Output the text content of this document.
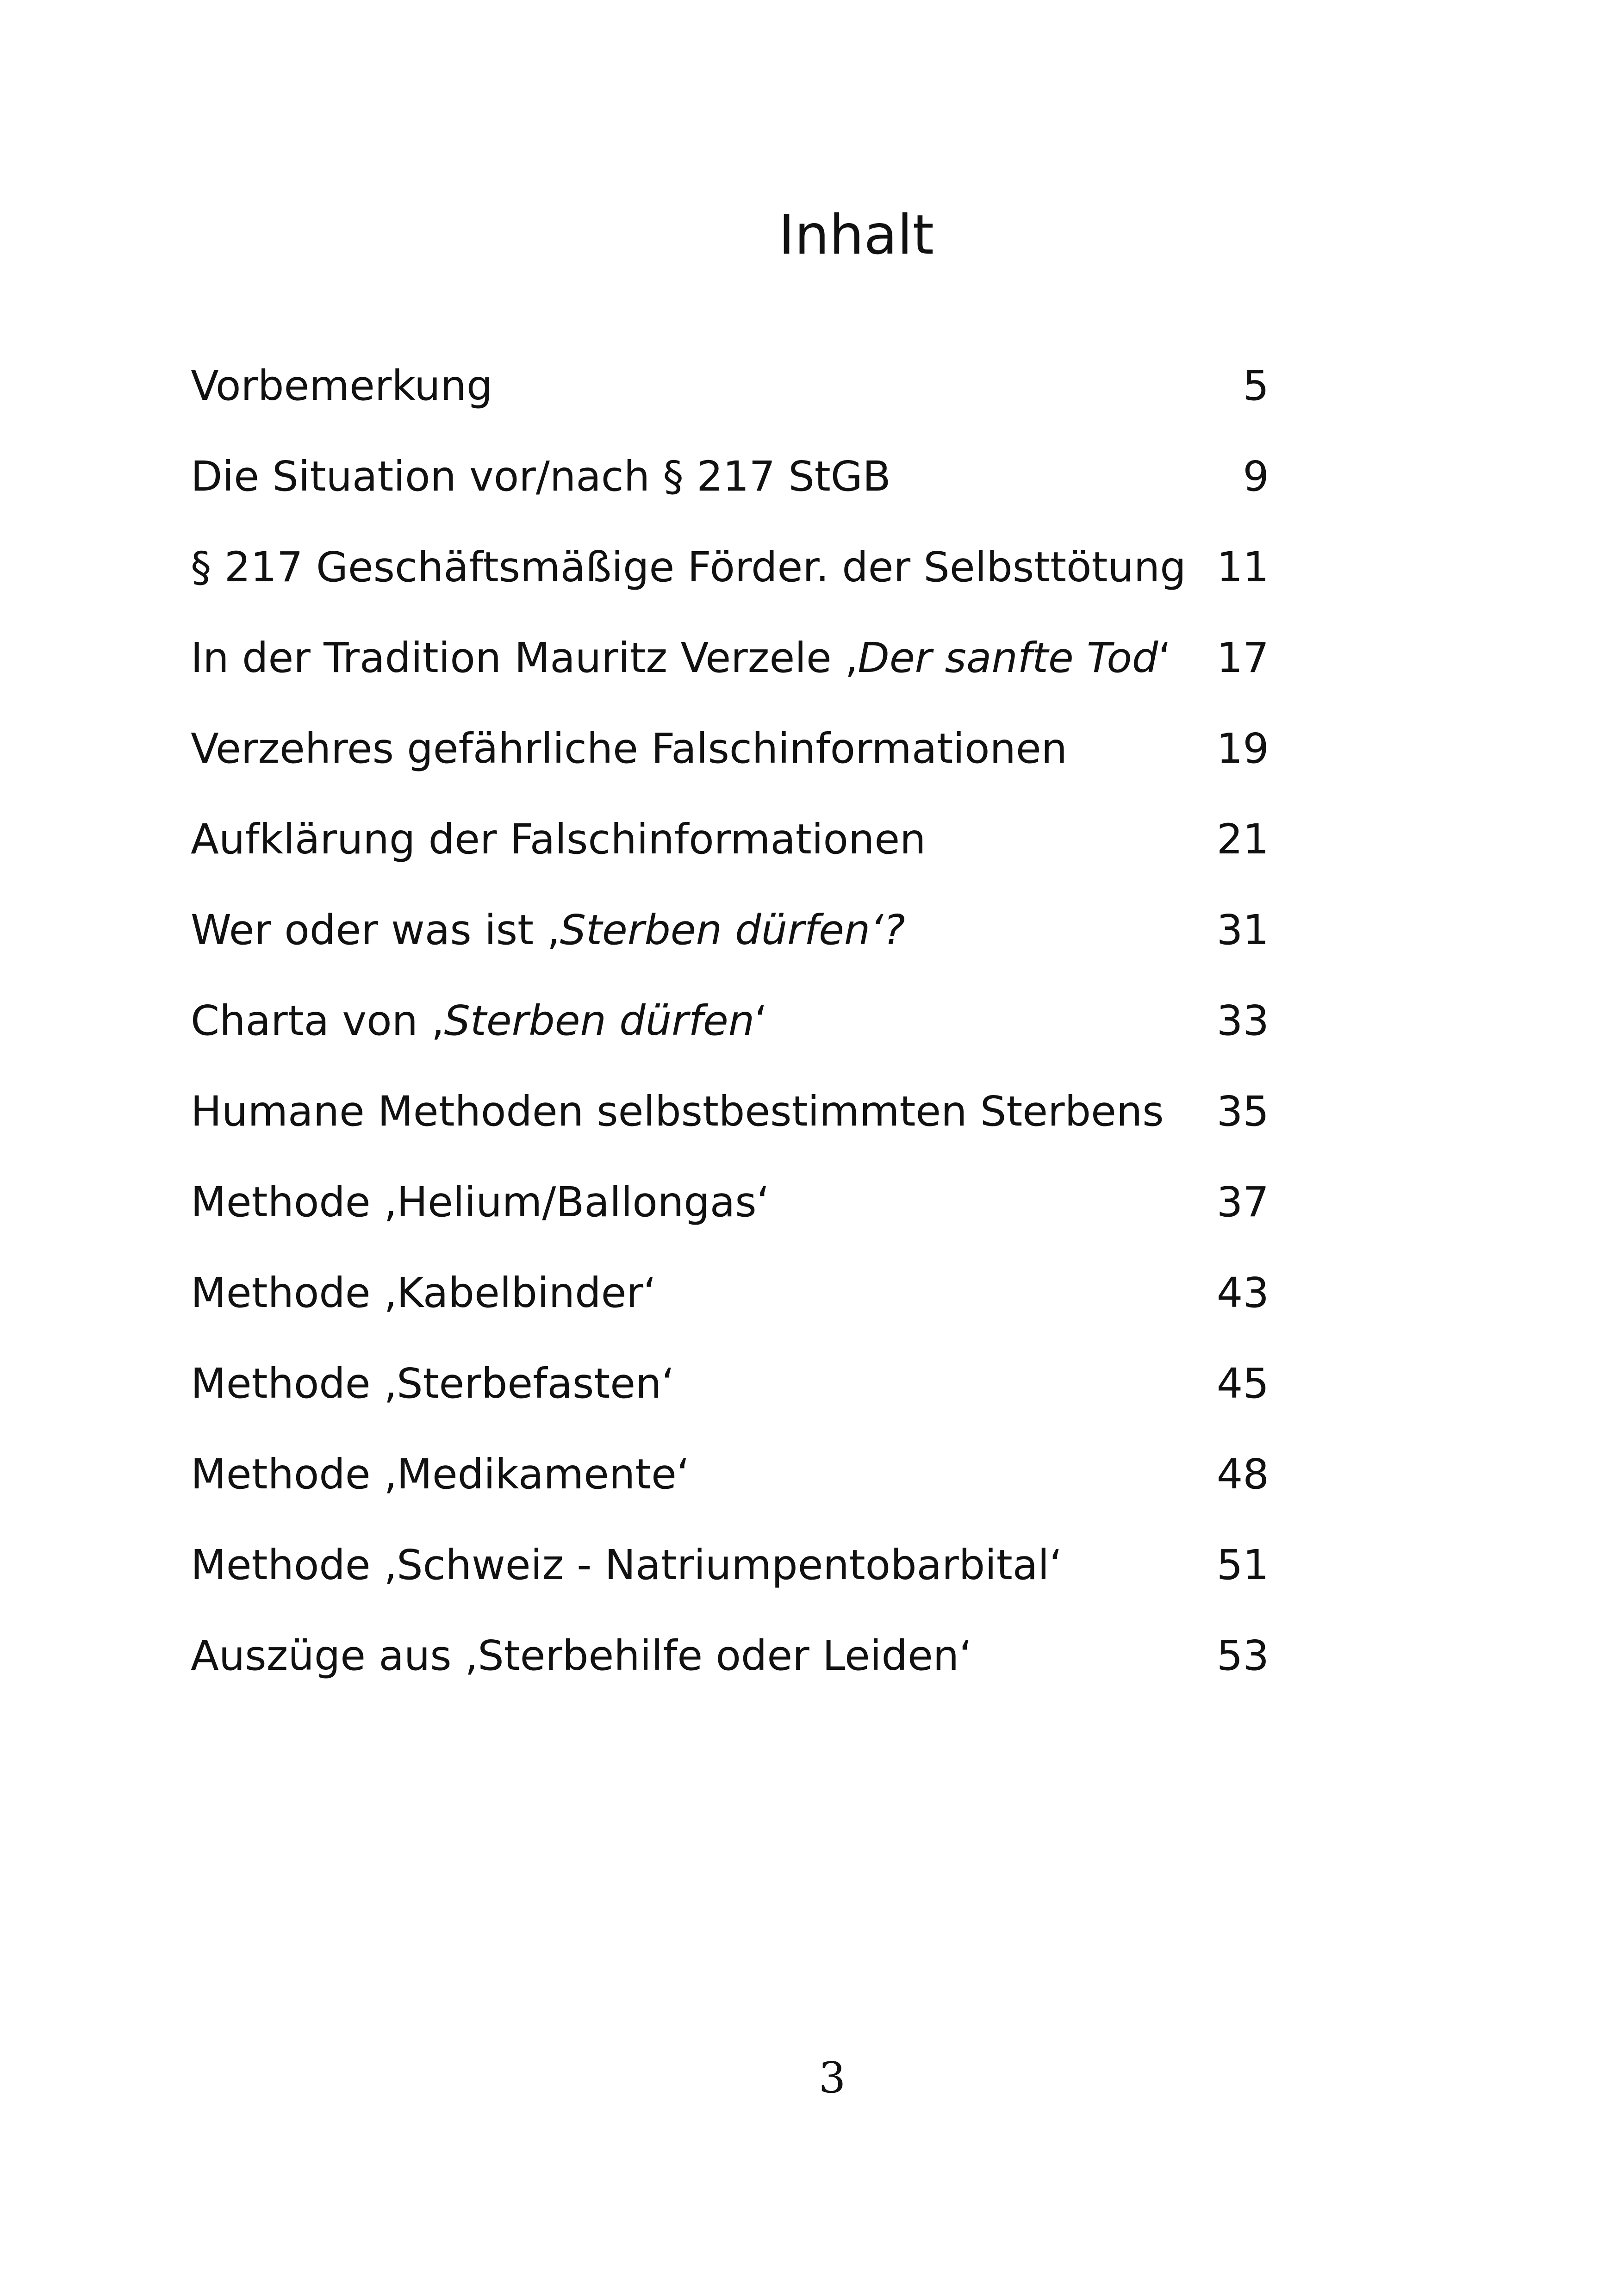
Inhalt
Vorbemerkung	5
Die Situation vor/nach § 217 StGB	9
§ 217 Geschäftsmäßige Förder. der Selbsttötung 11
In der Tradition Mauritz Verzele ‚Der sanfte Tod‘ 17
Verzehres gefährliche Falschinformationen	19
Aufklärung der Falschinformationen	21
Wer oder was ist ‚Sterben dürfen‘?	31
Charta von ‚Sterben dürfen‘	33
Humane Methoden selbstbestimmten Sterbens 35
Methode ‚Helium/Ballongas‘	37
Methode ‚Kabelbinder‘	43
Methode ‚Sterbefasten‘	45
Methode ‚Medikamente‘	48
Methode ‚Schweiz - Natriumpentobarbital‘	51
Auszüge aus ‚Sterbehilfe oder Leiden‘	53
3
